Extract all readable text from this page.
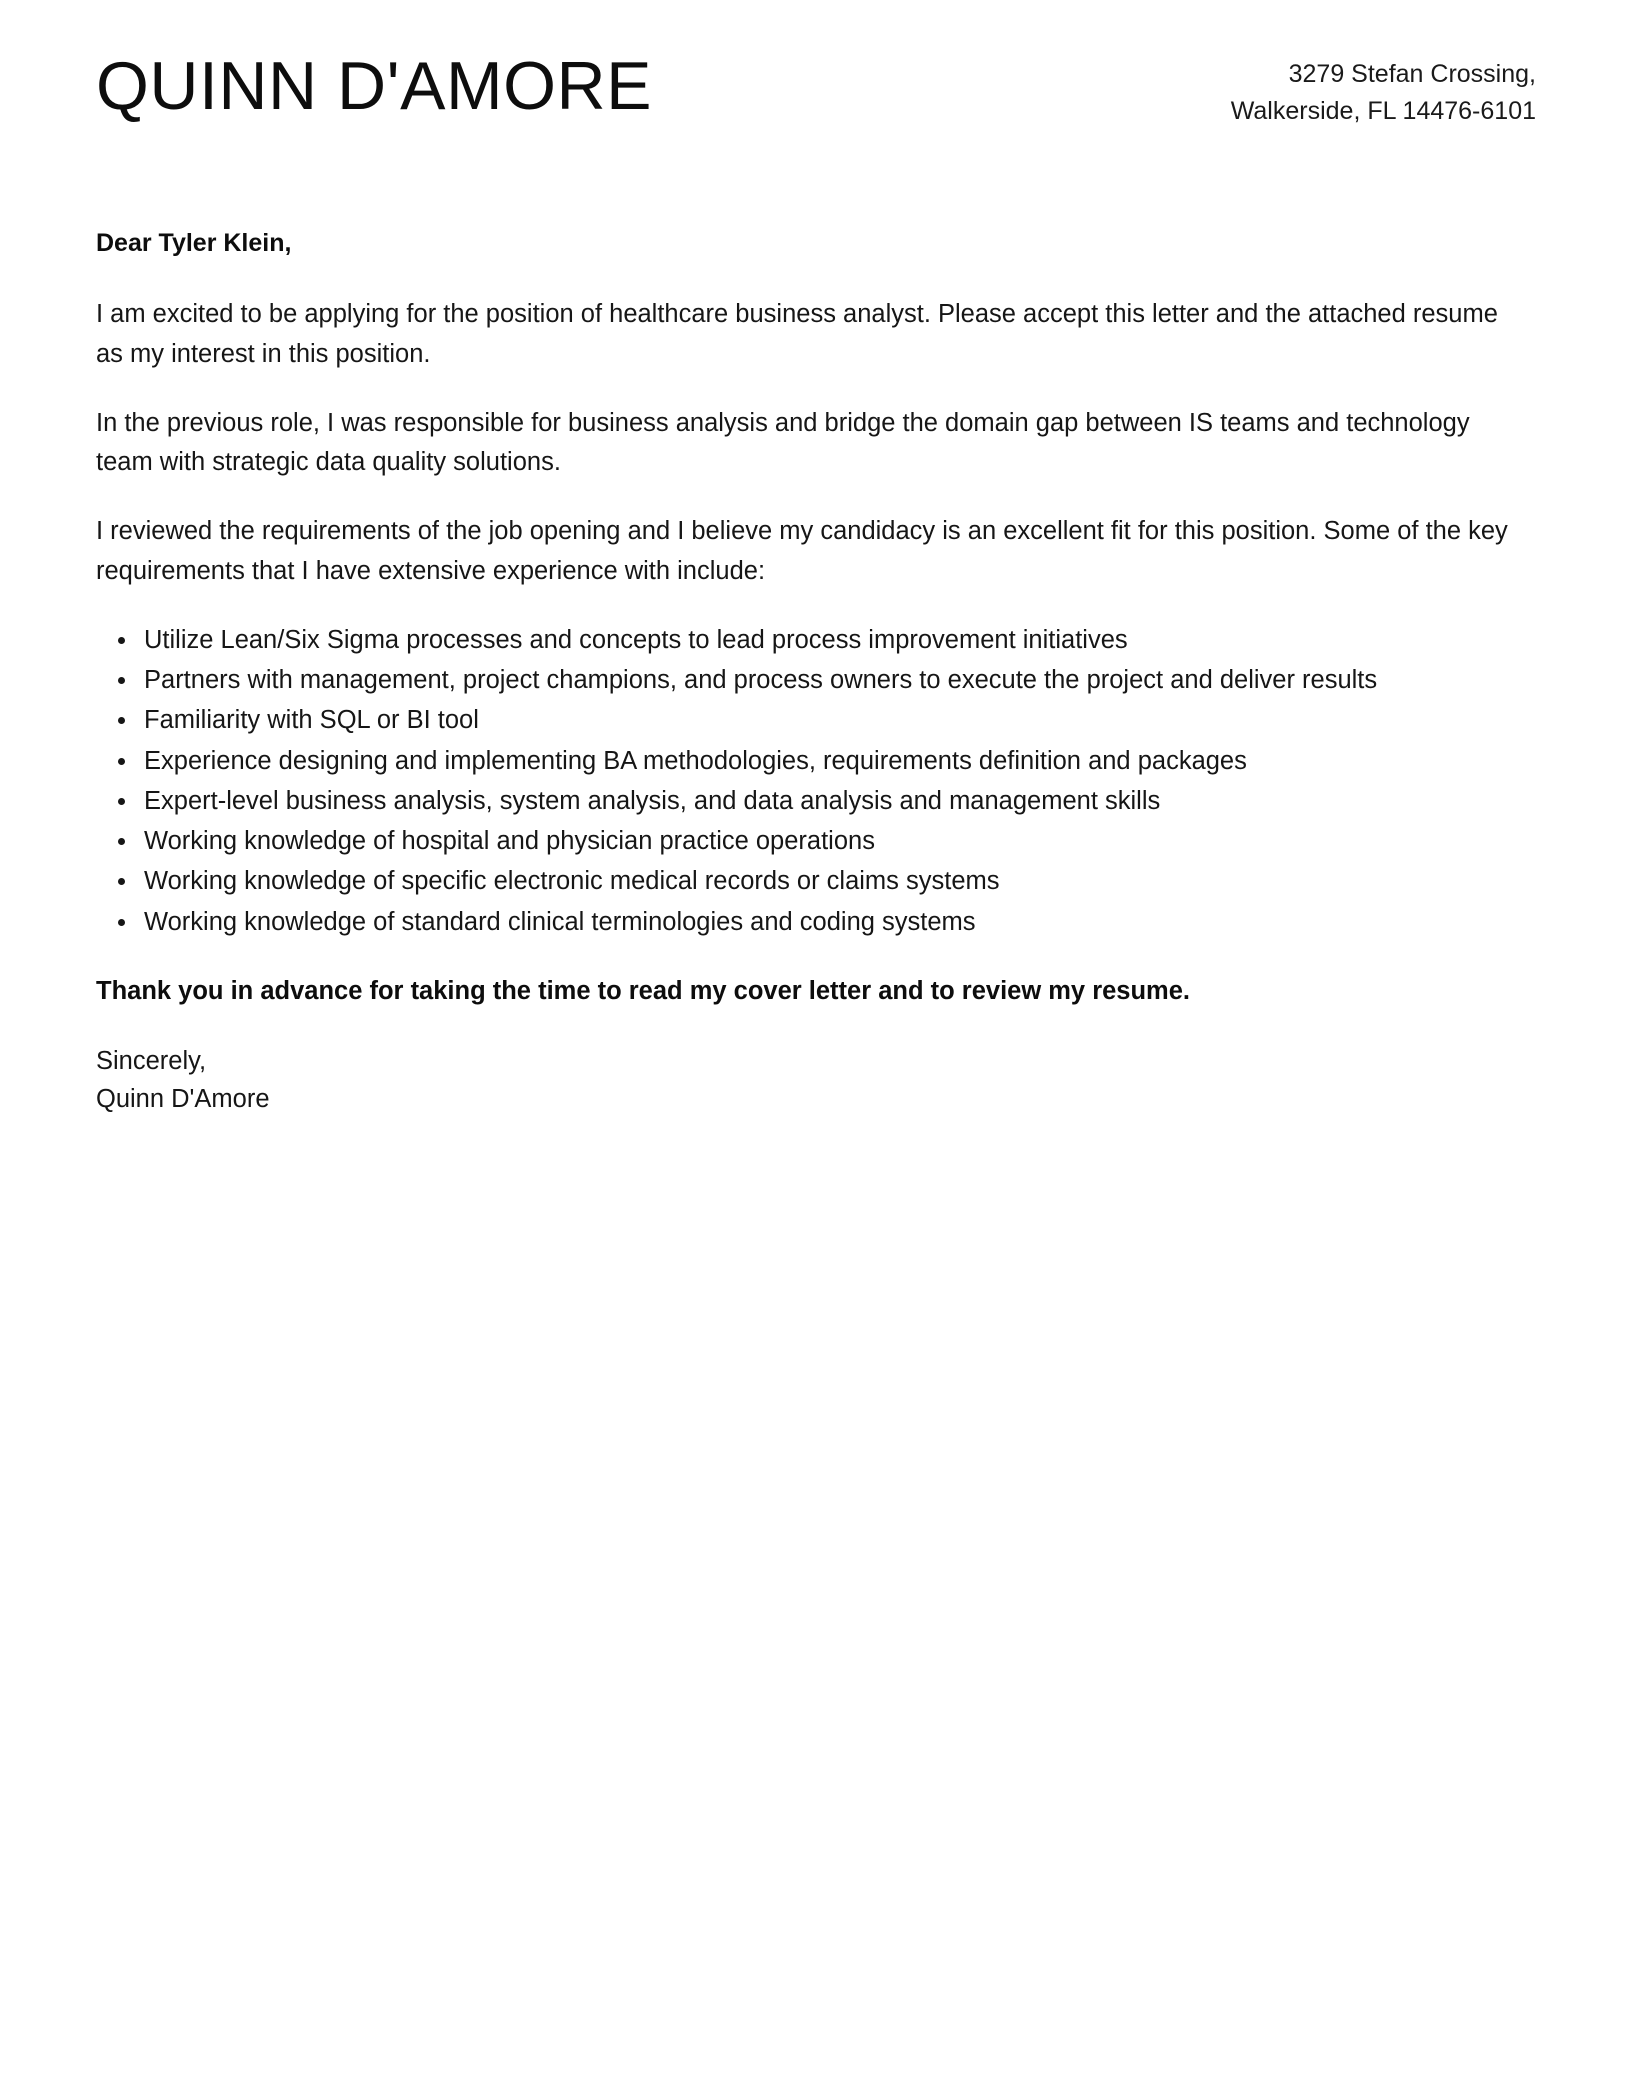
QUINN D'AMORE	3279 Stefan Crossing,
Walkerside, FL 14476-6101
Dear Tyler Klein,

I am excited to be applying for the position of healthcare business analyst. Please accept this letter and the attached resume as my interest in this position.

In the previous role, I was responsible for business analysis and bridge the domain gap between IS teams and technology team with strategic data quality solutions.

I reviewed the requirements of the job opening and I believe my candidacy is an excellent fit for this position. Some of the key requirements that I have extensive experience with include:

Utilize Lean/Six Sigma processes and concepts to lead process improvement initiatives
Partners with management, project champions, and process owners to execute the project and deliver results
Familiarity with SQL or BI tool
Experience designing and implementing BA methodologies, requirements definition and packages
Expert-level business analysis, system analysis, and data analysis and management skills
Working knowledge of hospital and physician practice operations
Working knowledge of specific electronic medical records or claims systems
Working knowledge of standard clinical terminologies and coding systems
Thank you in advance for taking the time to read my cover letter and to review my resume.
Sincerely,
Quinn D'Amore
